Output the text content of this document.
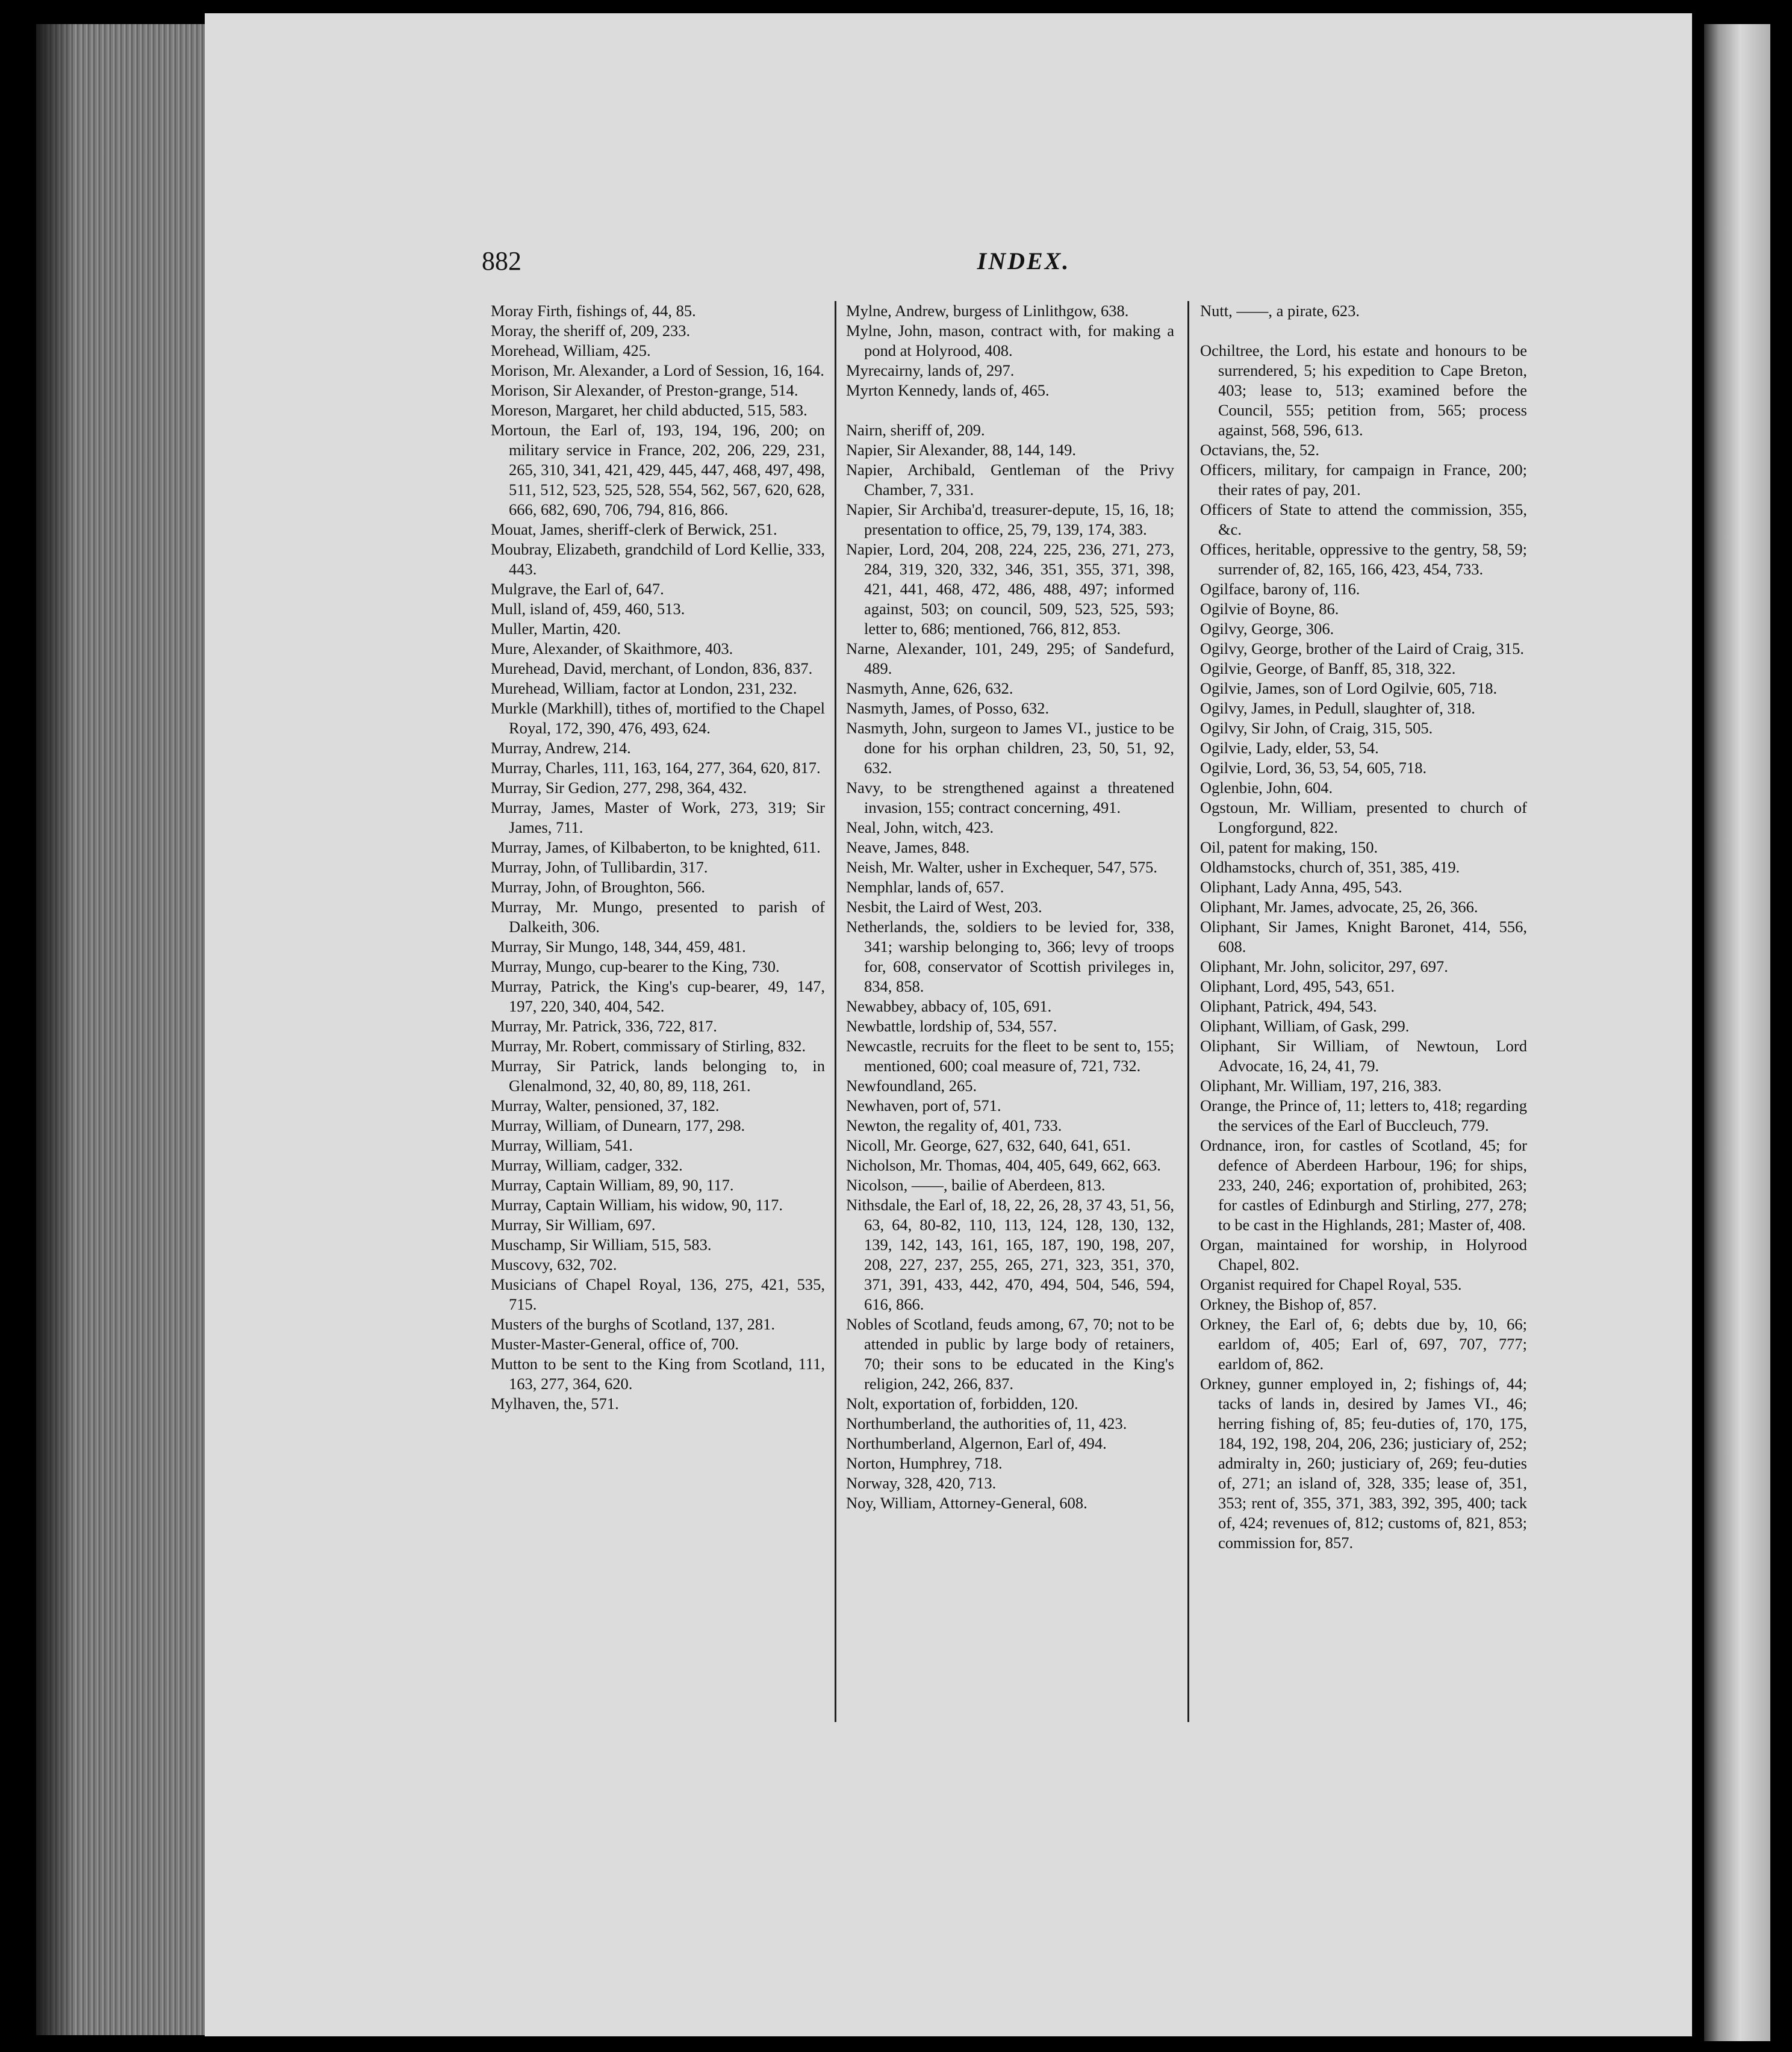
882	INDEX.

Moray Firth, fishings of, 44, 85.

Moray, the sheriff of, 209, 233.

Morehead, William, 425.

Morison, Mr. Alexander, a Lord of Session, 16, 164.

Morison, Sir Alexander, of Preston-grange, 514.

Moreson, Margaret, her child abducted, 515, 583.

Mortoun, the Earl of, 193, 194, 196, 200; on military service in France, 202, 206, 229, 231, 265, 310, 341, 421, 429, 445, 447, 468, 497, 498, 511, 512, 523, 525, 528, 554, 562, 567, 620, 628, 666, 682, 690, 706, 794, 816, 866.

Mouat, James, sheriff-clerk of Berwick, 251.

Moubray, Elizabeth, grandchild of Lord Kellie, 333, 443.

Mulgrave, the Earl of, 647.

Mull, island of, 459, 460, 513.

Muller, Martin, 420.

Mure, Alexander, of Skaithmore, 403.

Murehead, David, merchant, of London, 836, 837.

Murehead, William, factor at London, 231, 232.

Murkle (Markhill), tithes of, mortified to the Chapel Royal, 172, 390, 476, 493, 624.

Murray, Andrew, 214.

Murray, Charles, 111, 163, 164, 277, 364, 620, 817.

Murray, Sir Gedion, 277, 298, 364, 432.

Murray, James, Master of Work, 273, 319; Sir James, 711.

Murray, James, of Kilbaberton, to be knighted, 611.

Murray, John, of Tullibardin, 317.

Murray, John, of Broughton, 566.

Murray, Mr. Mungo, presented to parish of Dalkeith, 306.

Murray, Sir Mungo, 148, 344, 459, 481.

Murray, Mungo, cup-bearer to the King, 730.

Murray, Patrick, the King's cup-bearer, 49, 147, 197, 220, 340, 404, 542.

Murray, Mr. Patrick, 336, 722, 817.

Murray, Mr. Robert, commissary of Stirling, 832.

Murray, Sir Patrick, lands belonging to, in Glenalmond, 32, 40, 80, 89, 118, 261.

Murray, Walter, pensioned, 37, 182.

Murray, William, of Dunearn, 177, 298.

Murray, William, 541.

Murray, William, cadger, 332.

Murray, Captain William, 89, 90, 117.

Murray, Captain William, his widow, 90, 117.

Murray, Sir William, 697.

Muschamp, Sir William, 515, 583.

Muscovy, 632, 702.

Musicians of Chapel Royal, 136, 275, 421, 535, 715.

Musters of the burghs of Scotland, 137, 281.

Muster-Master-General, office of, 700.

Mutton to be sent to the King from Scotland, 111, 163, 277, 364, 620.

Mylhaven, the, 571.

Mylne, Andrew, burgess of Linlithgow, 638.

Mylne, John, mason, contract with, for making a pond at Holyrood, 408.

Myrecairny, lands of, 297.

Myrton Kennedy, lands of, 465.

Nairn, sheriff of, 209.

Napier, Sir Alexander, 88, 144, 149.

Napier, Archibald, Gentleman of the Privy Chamber, 7, 331.

Napier, Sir Archiba'd, treasurer-depute, 15, 16, 18; presentation to office, 25, 79, 139, 174, 383.

Napier, Lord, 204, 208, 224, 225, 236, 271, 273, 284, 319, 320, 332, 346, 351, 355, 371, 398, 421, 441, 468, 472, 486, 488, 497; informed against, 503; on council, 509, 523, 525, 593; letter to, 686; mentioned, 766, 812, 853.

Narne, Alexander, 101, 249, 295; of Sandefurd, 489.

Nasmyth, Anne, 626, 632.

Nasmyth, James, of Posso, 632.

Nasmyth, John, surgeon to James VI., justice to be done for his orphan children, 23, 50, 51, 92, 632.

Navy, to be strengthened against a threatened invasion, 155; contract concerning, 491.

Neal, John, witch, 423.

Neave, James, 848.

Neish, Mr. Walter, usher in Exchequer, 547, 575.

Nemphlar, lands of, 657.

Nesbit, the Laird of West, 203.

Netherlands, the, soldiers to be levied for, 338, 341; warship belonging to, 366; levy of troops for, 608, conservator of Scottish privileges in, 834, 858.

Newabbey, abbacy of, 105, 691.

Newbattle, lordship of, 534, 557.

Newcastle, recruits for the fleet to be sent to, 155; mentioned, 600; coal measure of, 721, 732.

Newfoundland, 265.

Newhaven, port of, 571.

Newton, the regality of, 401, 733.

Nicoll, Mr. George, 627, 632, 640, 641, 651.

Nicholson, Mr. Thomas, 404, 405, 649, 662, 663.

Nicolson, ——, bailie of Aberdeen, 813.

Nithsdale, the Earl of, 18, 22, 26, 28, 37 43, 51, 56, 63, 64, 80-82, 110, 113, 124, 128, 130, 132, 139, 142, 143, 161, 165, 187, 190, 198, 207, 208, 227, 237, 255, 265, 271, 323, 351, 370, 371, 391, 433, 442, 470, 494, 504, 546, 594, 616, 866.

Nobles of Scotland, feuds among, 67, 70; not to be attended in public by large body of retainers, 70; their sons to be educated in the King's religion, 242, 266, 837.

Nolt, exportation of, forbidden, 120.

Northumberland, the authorities of, 11, 423.

Northumberland, Algernon, Earl of, 494.

Norton, Humphrey, 718.

Norway, 328, 420, 713.

Noy, William, Attorney-General, 608.

Nutt, ——, a pirate, 623.

Ochiltree, the Lord, his estate and honours to be surrendered, 5; his expedition to Cape Breton, 403; lease to, 513; examined before the Council, 555; petition from, 565; process against, 568, 596, 613.

Octavians, the, 52.

Officers, military, for campaign in France, 200; their rates of pay, 201.

Officers of State to attend the commission, 355, &c.

Offices, heritable, oppressive to the gentry, 58, 59; surrender of, 82, 165, 166, 423, 454, 733.

Ogilface, barony of, 116.

Ogilvie of Boyne, 86.

Ogilvy, George, 306.

Ogilvy, George, brother of the Laird of Craig, 315.

Ogilvie, George, of Banff, 85, 318, 322.

Ogilvie, James, son of Lord Ogilvie, 605, 718.

Ogilvy, James, in Pedull, slaughter of, 318.

Ogilvy, Sir John, of Craig, 315, 505.

Ogilvie, Lady, elder, 53, 54.

Ogilvie, Lord, 36, 53, 54, 605, 718.

Oglenbie, John, 604.

Ogstoun, Mr. William, presented to church of Longforgund, 822.

Oil, patent for making, 150.

Oldhamstocks, church of, 351, 385, 419.

Oliphant, Lady Anna, 495, 543.

Oliphant, Mr. James, advocate, 25, 26, 366.

Oliphant, Sir James, Knight Baronet, 414, 556, 608.

Oliphant, Mr. John, solicitor, 297, 697.

Oliphant, Lord, 495, 543, 651.

Oliphant, Patrick, 494, 543.

Oliphant, William, of Gask, 299.

Oliphant, Sir William, of Newtoun, Lord Advocate, 16, 24, 41, 79.

Oliphant, Mr. William, 197, 216, 383.

Orange, the Prince of, 11; letters to, 418; regarding the services of the Earl of Buccleuch, 779.

Ordnance, iron, for castles of Scotland, 45; for defence of Aberdeen Harbour, 196; for ships, 233, 240, 246; exportation of, prohibited, 263; for castles of Edinburgh and Stirling, 277, 278; to be cast in the Highlands, 281; Master of, 408.

Organ, maintained for worship, in Holyrood Chapel, 802.

Organist required for Chapel Royal, 535.

Orkney, the Bishop of, 857.

Orkney, the Earl of, 6; debts due by, 10, 66; earldom of, 405; Earl of, 697, 707, 777; earldom of, 862.

Orkney, gunner employed in, 2; fishings of, 44; tacks of lands in, desired by James VI., 46; herring fishing of, 85; feu-duties of, 170, 175, 184, 192, 198, 204, 206, 236; justiciary of, 252; admiralty in, 260; justiciary of, 269; feu-duties of, 271; an island of, 328, 335; lease of, 351, 353; rent of, 355, 371, 383, 392, 395, 400; tack of, 424; revenues of, 812; customs of, 821, 853; commission for, 857.
